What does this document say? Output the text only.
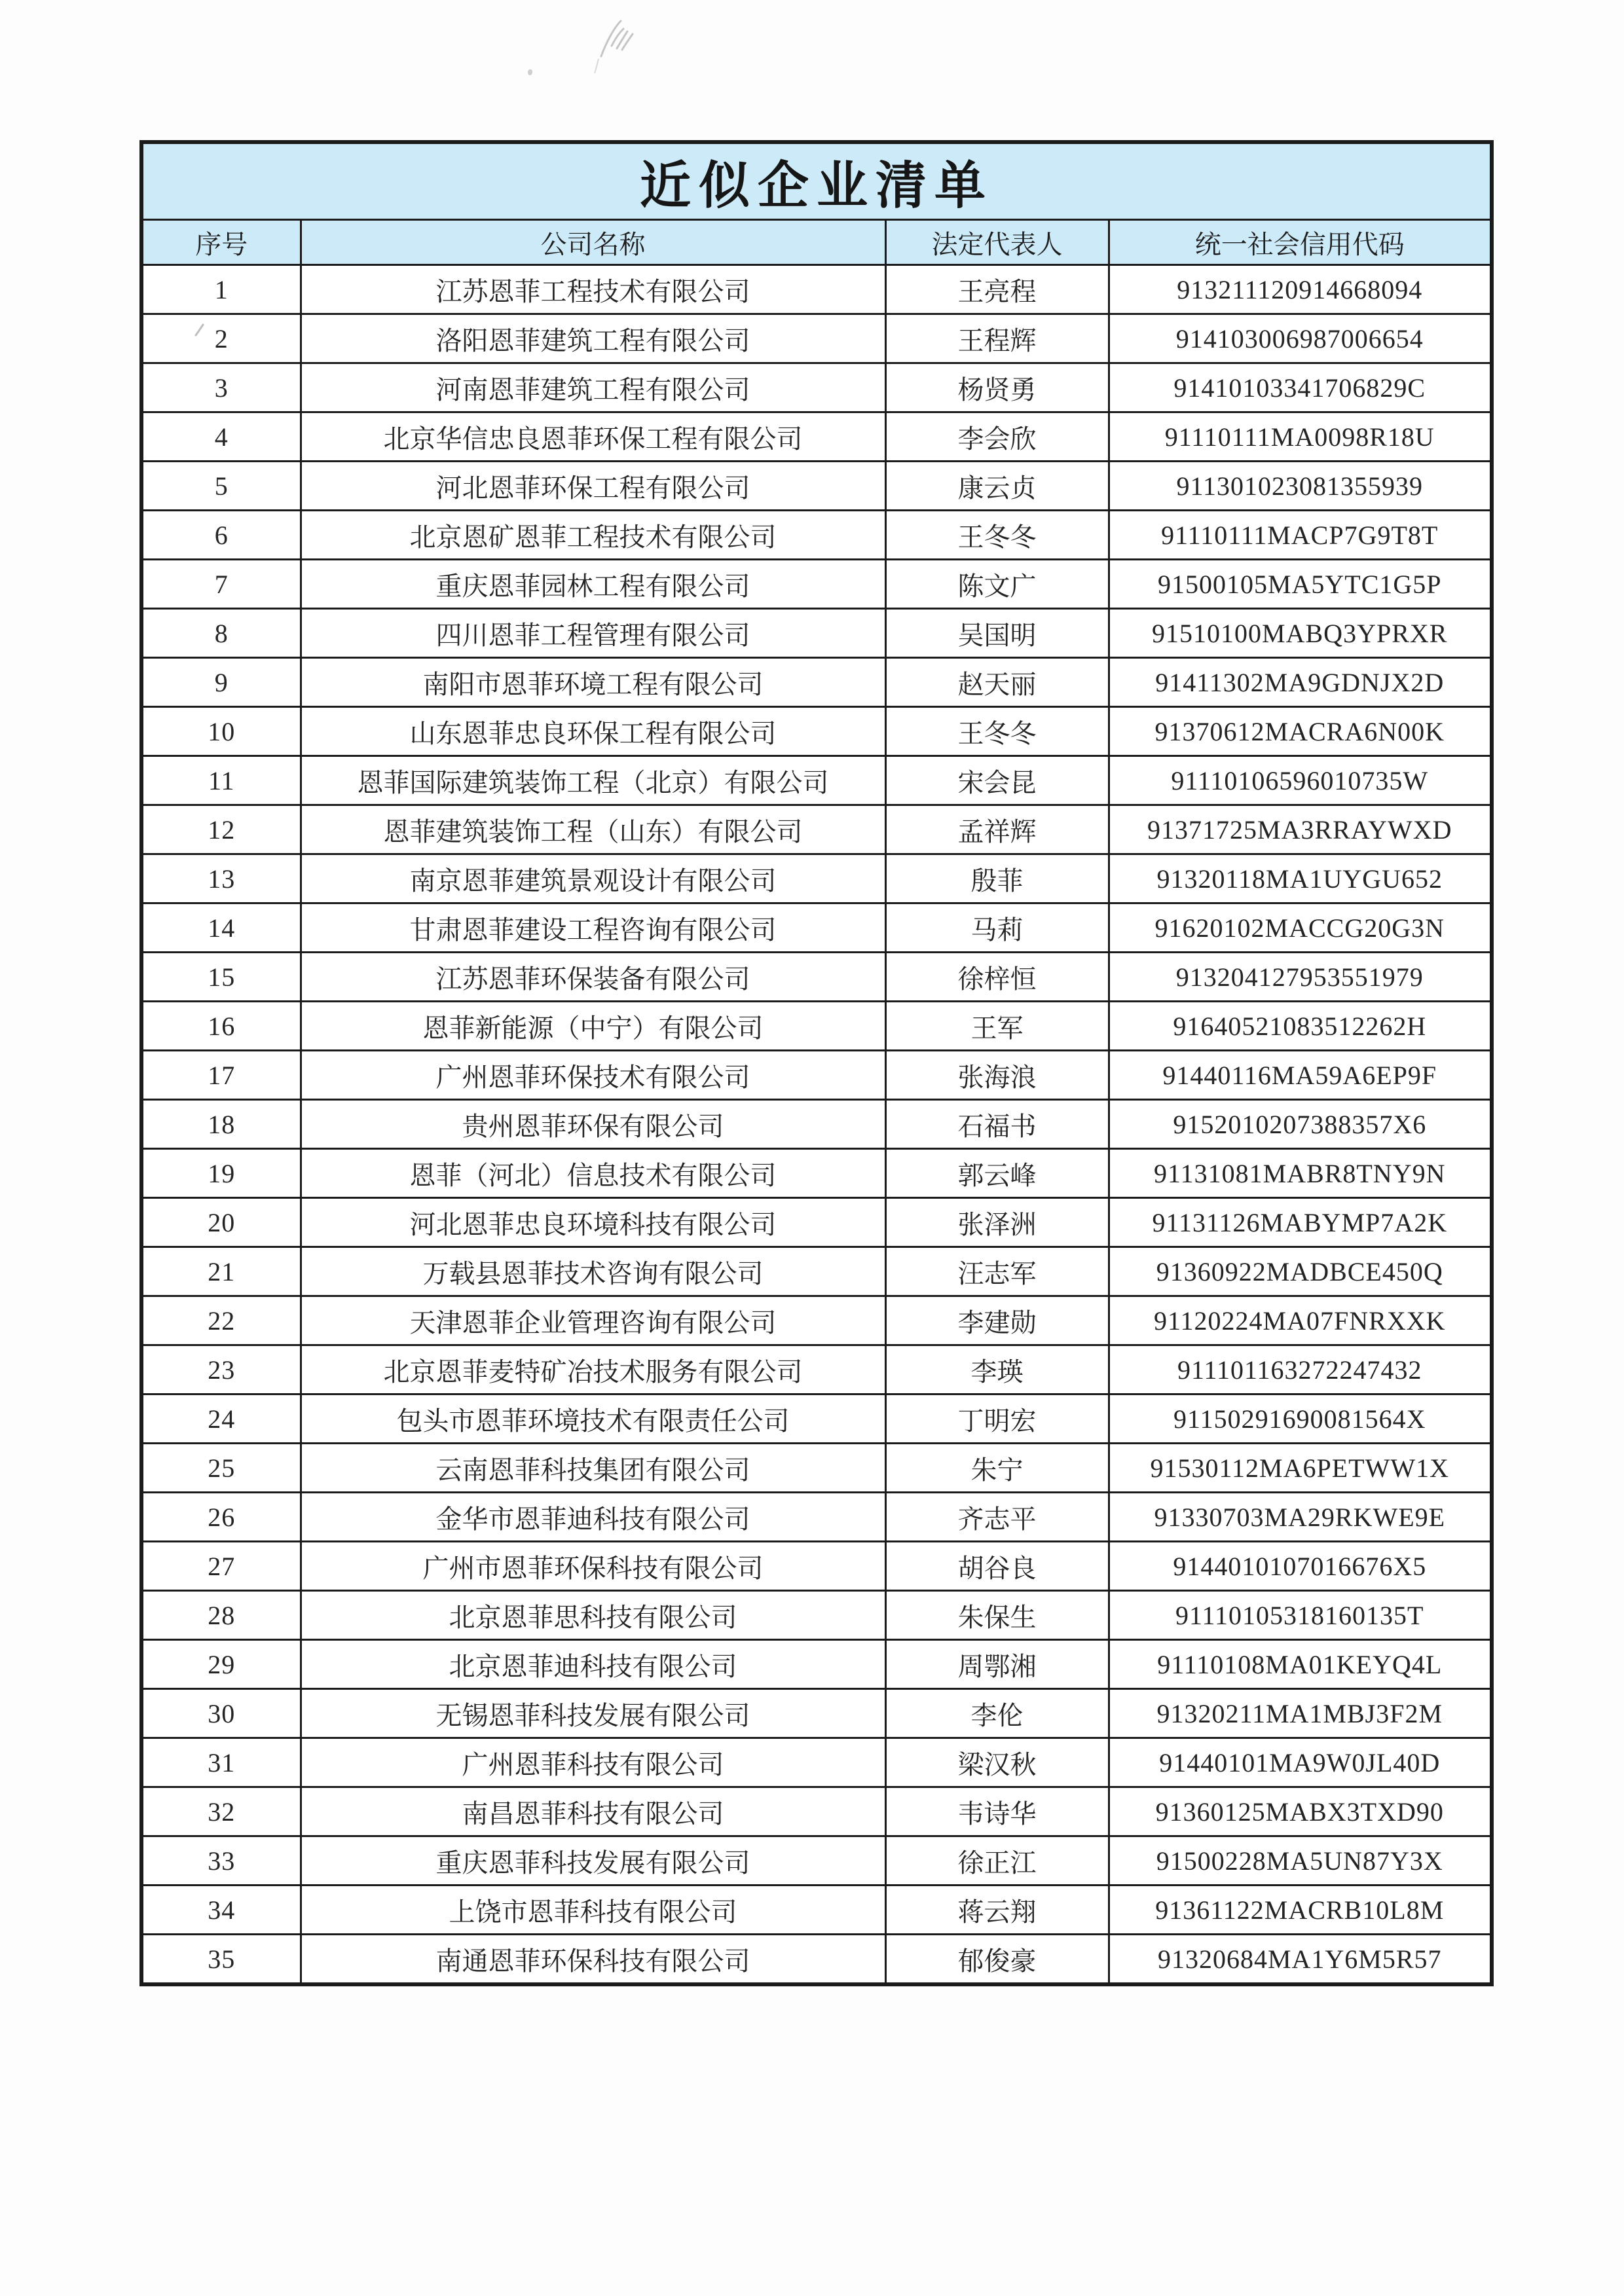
近似企业清单			
序号	公司名称	法定代表人	统一社会信用代码
1	江苏恩菲工程技术有限公司	王亮程	913211120914668094
2	洛阳恩菲建筑工程有限公司	王程辉	914103006987006654
3	河南恩菲建筑工程有限公司	杨贤勇	91410103341706829C
4	北京华信忠良恩菲环保工程有限公司	李会欣	91110111MA0098R18U
5	河北恩菲环保工程有限公司	康云贞	911301023081355939
6	北京恩矿恩菲工程技术有限公司	王冬冬	91110111MACP7G9T8T
7	重庆恩菲园林工程有限公司	陈文广	91500105MA5YTC1G5P
8	四川恩菲工程管理有限公司	吴国明	91510100MABQ3YPRXR
9	南阳市恩菲环境工程有限公司	赵天丽	91411302MA9GDNJX2D
10	山东恩菲忠良环保工程有限公司	王冬冬	91370612MACRA6N00K
11	恩菲国际建筑装饰工程（北京）有限公司	宋会昆	91110106596010735W
12	恩菲建筑装饰工程（山东）有限公司	孟祥辉	91371725MA3RRAYWXD
13	南京恩菲建筑景观设计有限公司	殷菲	91320118MA1UYGU652
14	甘肃恩菲建设工程咨询有限公司	马莉	91620102MACCG20G3N
15	江苏恩菲环保装备有限公司	徐梓恒	913204127953551979
16	恩菲新能源（中宁）有限公司	王军	91640521083512262H
17	广州恩菲环保技术有限公司	张海浪	91440116MA59A6EP9F
18	贵州恩菲环保有限公司	石福书	9152010207388357X6
19	恩菲（河北）信息技术有限公司	郭云峰	91131081MABR8TNY9N
20	河北恩菲忠良环境科技有限公司	张泽洲	91131126MABYMP7A2K
21	万载县恩菲技术咨询有限公司	汪志军	91360922MADBCE450Q
22	天津恩菲企业管理咨询有限公司	李建勋	91120224MA07FNRXXK
23	北京恩菲麦特矿冶技术服务有限公司	李瑛	911101163272247432
24	包头市恩菲环境技术有限责任公司	丁明宏	91150291690081564X
25	云南恩菲科技集团有限公司	朱宁	91530112MA6PETWW1X
26	金华市恩菲迪科技有限公司	齐志平	91330703MA29RKWE9E
27	广州市恩菲环保科技有限公司	胡谷良	9144010107016676X5
28	北京恩菲思科技有限公司	朱保生	91110105318160135T
29	北京恩菲迪科技有限公司	周鄂湘	91110108MA01KEYQ4L
30	无锡恩菲科技发展有限公司	李伦	91320211MA1MBJ3F2M
31	广州恩菲科技有限公司	梁汉秋	91440101MA9W0JL40D
32	南昌恩菲科技有限公司	韦诗华	91360125MABX3TXD90
33	重庆恩菲科技发展有限公司	徐正江	91500228MA5UN87Y3X
34	上饶市恩菲科技有限公司	蒋云翔	91361122MACRB10L8M
35	南通恩菲环保科技有限公司	郁俊豪	91320684MA1Y6M5R57
